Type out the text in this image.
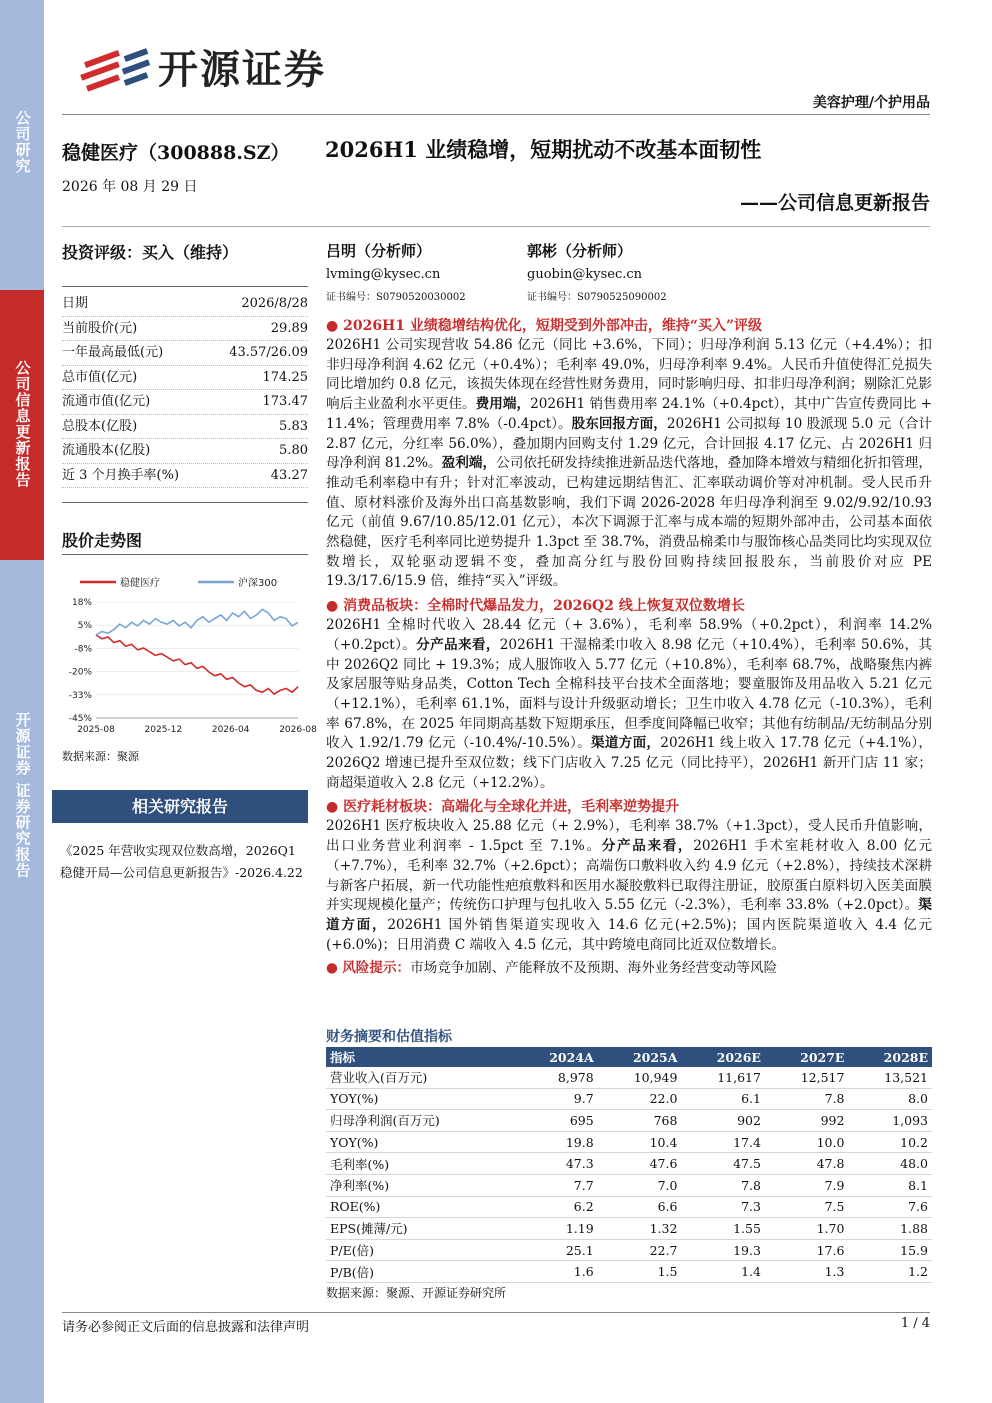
公司研究
公司信息更新报告
开源证券 证券研究报告
开源证券
美容护理/个护用品
稳健医疗（300888.SZ）
2026 年 08 月 29 日
2026H1 业绩稳增，短期扰动不改基本面韧性
——公司信息更新报告
投资评级：买入（维持）	吕明（分析师）
lvming@kysec.cn
证书编号：S0790520030002
郭彬（分析师）
guobin@kysec.cn
证书编号：S0790525090002
日期	2026/8/28
当前股价(元)	29.89
一年最高最低(元)	43.57/26.09
总市值(亿元)	174.25
流通市值(亿元)	173.47
总股本(亿股)	5.83
流通股本(亿股)	5.80
近 3 个月换手率(%)	43.27
股价走势图
稳健医疗	沪深300
18%
5%
-8%
-20%
-33%
-45%
2025-08	2025-12	2026-04	2026-08
数据来源：聚源
相关研究报告
《2025 年营收实现双位数高增，2026Q1 稳健开局—公司信息更新报告》-2026.4.22
● 2026H1 业绩稳增结构优化，短期受到外部冲击，维持“买入”评级

2026H1 公司实现营收 54.86 亿元（同比 +3.6%，下同）；归母净利润 5.13 亿元（+4.4%）；扣非归母净利润 4.62 亿元（+0.4%）；毛利率 49.0%，归母净利率 9.4%。人民币升值使得汇兑损失同比增加约 0.8 亿元，该损失体现在经营性财务费用，同时影响归母、扣非归母净利润；剔除汇兑影响后主业盈利水平更佳。费用端，2026H1 销售费用率 24.1%（+0.4pct），其中广告宣传费同比 + 11.4%；管理费用率 7.8%（-0.4pct）。股东回报方面，2026H1 公司拟每 10 股派现 5.0 元（合计 2.87 亿元，分红率 56.0%），叠加期内回购支付 1.29 亿元，合计回报 4.17 亿元、占 2026H1 归母净利润 81.2%。盈利端，公司依托研发持续推进新品迭代落地，叠加降本增效与精细化折扣管理，推动毛利率稳中有升；针对汇率波动，已构建远期结售汇、汇率联动调价等对冲机制。受人民币升值、原材料涨价及海外出口高基数影响，我们下调 2026-2028 年归母净利润至 9.02/9.92/10.93 亿元（前值 9.67/10.85/12.01 亿元），本次下调源于汇率与成本端的短期外部冲击，公司基本面依然稳健，医疗毛利率同比逆势提升 1.3pct 至 38.7%，消费品棉柔巾与服饰核心品类同比均实现双位数增长，双轮驱动逻辑不变，叠加高分红与股份回购持续回报股东，当前股价对应 PE 19.3/17.6/15.9 倍，维持“买入”评级。

● 消费品板块：全棉时代爆品发力，2026Q2 线上恢复双位数增长

2026H1 全棉时代收入 28.44 亿元（+ 3.6%），毛利率 58.9%（+0.2pct），利润率 14.2%（+0.2pct）。分产品来看，2026H1 干湿棉柔巾收入 8.98 亿元（+10.4%），毛利率 50.6%，其中 2026Q2 同比 + 19.3%；成人服饰收入 5.77 亿元（+10.8%），毛利率 68.7%，战略聚焦内裤及家居服等贴身品类，Cotton Tech 全棉科技平台技术全面落地；婴童服饰及用品收入 5.21 亿元（+12.1%），毛利率 61.1%，面料与设计升级驱动增长；卫生巾收入 4.78 亿元（-10.3%），毛利率 67.8%，在 2025 年同期高基数下短期承压，但季度间降幅已收窄；其他有纺制品/无纺制品分别收入 1.92/1.79 亿元（-10.4%/-10.5%）。渠道方面，2026H1 线上收入 17.78 亿元（+4.1%），2026Q2 增速已提升至双位数；线下门店收入 7.25 亿元（同比持平），2026H1 新开门店 11 家；商超渠道收入 2.8 亿元（+12.2%）。

● 医疗耗材板块：高端化与全球化并进，毛利率逆势提升

2026H1 医疗板块收入 25.88 亿元（+ 2.9%），毛利率 38.7%（+1.3pct），受人民币升值影响，出口业务营业利润率 - 1.5pct 至 7.1%。分产品来看，2026H1 手术室耗材收入 8.00 亿元（+7.7%），毛利率 32.7%（+2.6pct）；高端伤口敷料收入约 4.9 亿元（+2.8%），持续技术深耕与新客户拓展，新一代功能性疤痕敷料和医用水凝胶敷料已取得注册证，胶原蛋白原料切入医美面膜并实现规模化量产；传统伤口护理与包扎收入 5.55 亿元（-2.3%），毛利率 33.8%（+2.0pct）。渠道方面，2026H1 国外销售渠道实现收入 14.6 亿元(+2.5%)；国内医院渠道收入 4.4 亿元(+6.0%)；日用消费 C 端收入 4.5 亿元，其中跨境电商同比近双位数增长。

● 风险提示：市场竞争加剧、产能释放不及预期、海外业务经营变动等风险

财务摘要和估值指标
指标	2024A	2025A	2026E	2027E	2028E
营业收入(百万元)	8,978	10,949	11,617	12,517	13,521
YOY(%)	9.7	22.0	6.1	7.8	8.0
归母净利润(百万元)	695	768	902	992	1,093
YOY(%)	19.8	10.4	17.4	10.0	10.2
毛利率(%)	47.3	47.6	47.5	47.8	48.0
净利率(%)	7.7	7.0	7.8	7.9	8.1
ROE(%)	6.2	6.6	7.3	7.5	7.6
EPS(摊薄/元)	1.19	1.32	1.55	1.70	1.88
P/E(倍)	25.1	22.7	19.3	17.6	15.9
P/B(倍)	1.6	1.5	1.4	1.3	1.2
数据来源：聚源、开源证券研究所
请务必参阅正文后面的信息披露和法律声明	1 / 4
